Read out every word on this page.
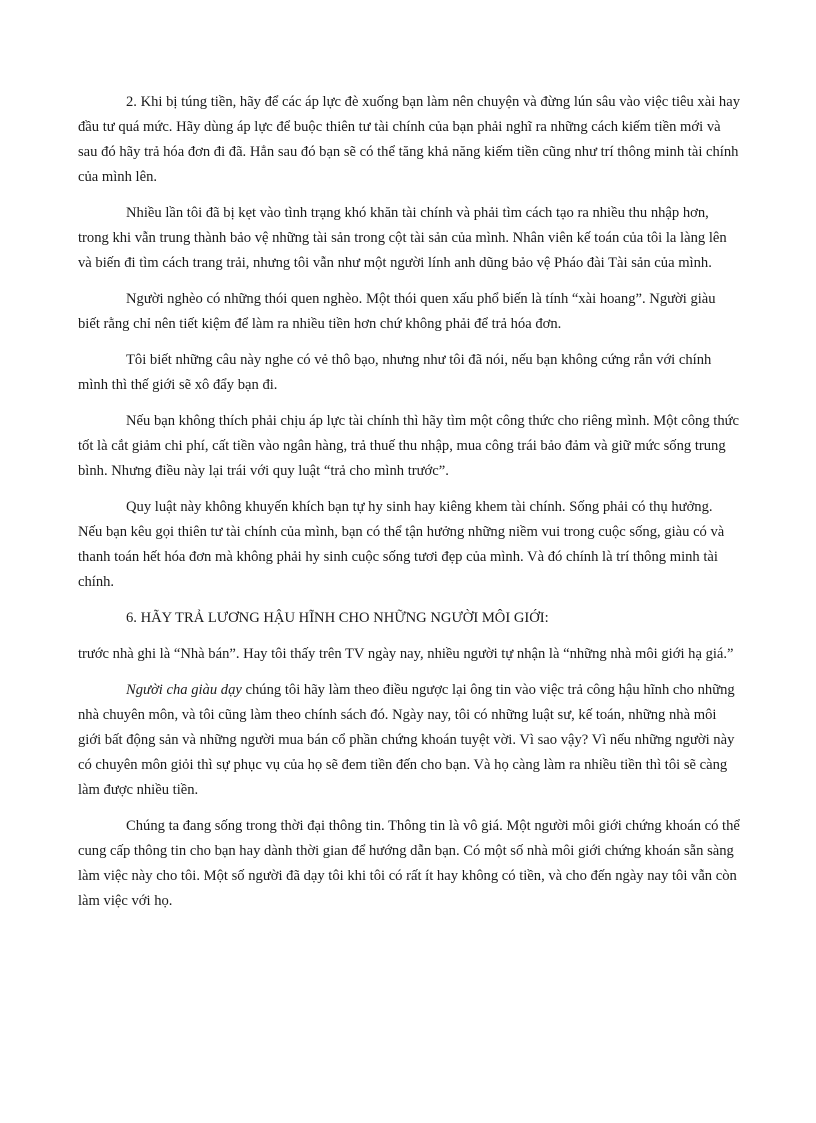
2. Khi bị túng tiền, hãy để các áp lực đè xuống bạn làm nên chuyện và đừng lún sâu vào việc tiêu xài hay đầu tư quá mức. Hãy dùng áp lực để buộc thiên tư tài chính của bạn phải nghĩ ra những cách kiếm tiền mới và sau đó hãy trả hóa đơn đi đã. Hẳn sau đó bạn sẽ có thể tăng khả năng kiếm tiền cũng như trí thông minh tài chính của mình lên.

Nhiều lần tôi đã bị kẹt vào tình trạng khó khăn tài chính và phải tìm cách tạo ra nhiều thu nhập hơn, trong khi vẫn trung thành bảo vệ những tài sản trong cột tài sản của mình. Nhân viên kế toán của tôi la làng lên và biến đi tìm cách trang trải, nhưng tôi vẫn như một người lính anh dũng bảo vệ Pháo đài Tài sản của mình.

Người nghèo có những thói quen nghèo. Một thói quen xấu phổ biến là tính “xài hoang”. Người giàu biết rằng chỉ nên tiết kiệm để làm ra nhiều tiền hơn chứ không phải để trả hóa đơn.

Tôi biết những câu này nghe có vẻ thô bạo, nhưng như tôi đã nói, nếu bạn không cứng rắn với chính mình thì thế giới sẽ xô đẩy bạn đi.

Nếu bạn không thích phải chịu áp lực tài chính thì hãy tìm một công thức cho riêng mình. Một công thức tốt là cắt giảm chi phí, cất tiền vào ngân hàng, trả thuế thu nhập, mua công trái bảo đảm và giữ mức sống trung bình. Nhưng điều này lại trái với quy luật “trả cho mình trước”.

Quy luật này không khuyến khích bạn tự hy sinh hay kiêng khem tài chính. Sống phải có thụ hưởng. Nếu bạn kêu gọi thiên tư tài chính của mình, bạn có thể tận hưởng những niềm vui trong cuộc sống, giàu có và thanh toán hết hóa đơn mà không phải hy sinh cuộc sống tươi đẹp của mình. Và đó chính là trí thông minh tài chính.

6. HÃY TRẢ LƯƠNG HẬU HĨNH CHO NHỮNG NGƯỜI MÔI GIỚI:

trước nhà ghi là “Nhà bán”. Hay tôi thấy trên TV ngày nay, nhiều người tự nhận là “những nhà môi giới hạ giá.”

Người cha giàu dạy chúng tôi hãy làm theo điều ngược lại ông tin vào việc trả công hậu hĩnh cho những nhà chuyên môn, và tôi cũng làm theo chính sách đó. Ngày nay, tôi có những luật sư, kế toán, những nhà môi giới bất động sản và những người mua bán cổ phần chứng khoán tuyệt vời. Vì sao vậy? Vì nếu những người này có chuyên môn giỏi thì sự phục vụ của họ sẽ đem tiền đến cho bạn. Và họ càng làm ra nhiều tiền thì tôi sẽ càng làm được nhiều tiền.

Chúng ta đang sống trong thời đại thông tin. Thông tin là vô giá. Một người môi giới chứng khoán có thể cung cấp thông tin cho bạn hay dành thời gian để hướng dẫn bạn. Có một số nhà môi giới chứng khoán sẵn sàng làm việc này cho tôi. Một số người đã dạy tôi khi tôi có rất ít hay không có tiền, và cho đến ngày nay tôi vẫn còn làm việc với họ.
